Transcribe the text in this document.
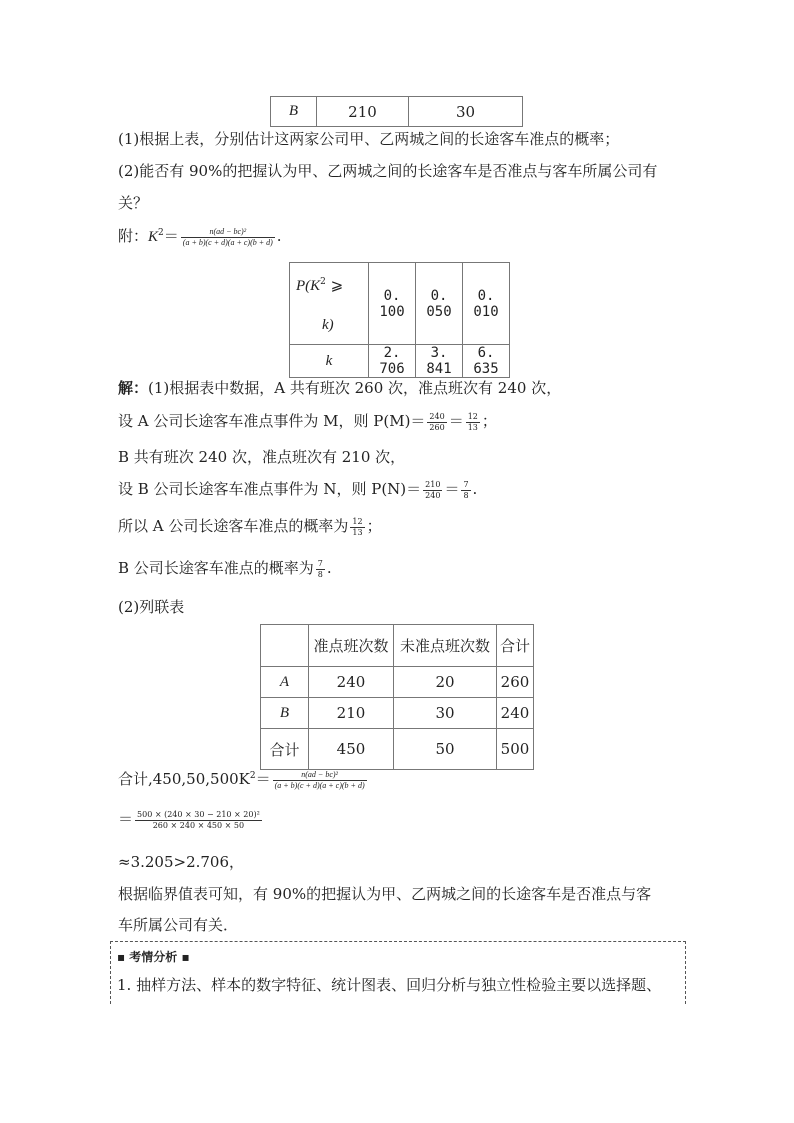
B	210	30
(1)根据上表，分别估计这两家公司甲、乙两城之间的长途客车准点的概率；
(2)能否有 90%的把握认为甲、乙两城之间的长途客车是否准点与客车所属公司有
关？
附：$K^2= \frac{\text{n(ad − bc)²}}{(a + b)(c + d)(a + c)(b + d)}$ .
$P(K^2$ ⩾
k)	0. 100	0. 050	0. 010
k	2. 706	3. 841	6. 635
解：(1)根据表中数据，A 共有班次 260 次，准点班次有 240 次，
设 A 公司长途客车准点事件为 M，则 $P(M)= \frac{240}{260} = \frac{12}{13}$ ；
B 共有班次 240 次，准点班次有 210 次，
设 B 公司长途客车准点事件为 N，则 $P(N)= \frac{210}{240} = \frac{7}{8}$ .
所以 A 公司长途客车准点的概率为 $\frac{12}{13}$ ；
B 公司长途客车准点的概率为 $\frac{7}{8}$ .
(2)列联表
	准点班次数	未准点班次数	合计
A	240	20	260
B	210	30	240
合计	450	50	500
合计$,450,50,500K^2= \frac{\text{n(ad − bc)²}}{(a + b)(c + d)(a + c)(b + d)}$
＝ $\frac{\text{500 × (240 × 30 − 210 × 20)²}}{260 \times 240 \times 450 \times 50}$
≈3.205>2.706，
根据临界值表可知，有 90%的把握认为甲、乙两城之间的长途客车是否准点与客
车所属公司有关．
▪ 考情分析 ▪
1. 抽样方法、样本的数字特征、统计图表、回归分析与独立性检验主要以选择题、
